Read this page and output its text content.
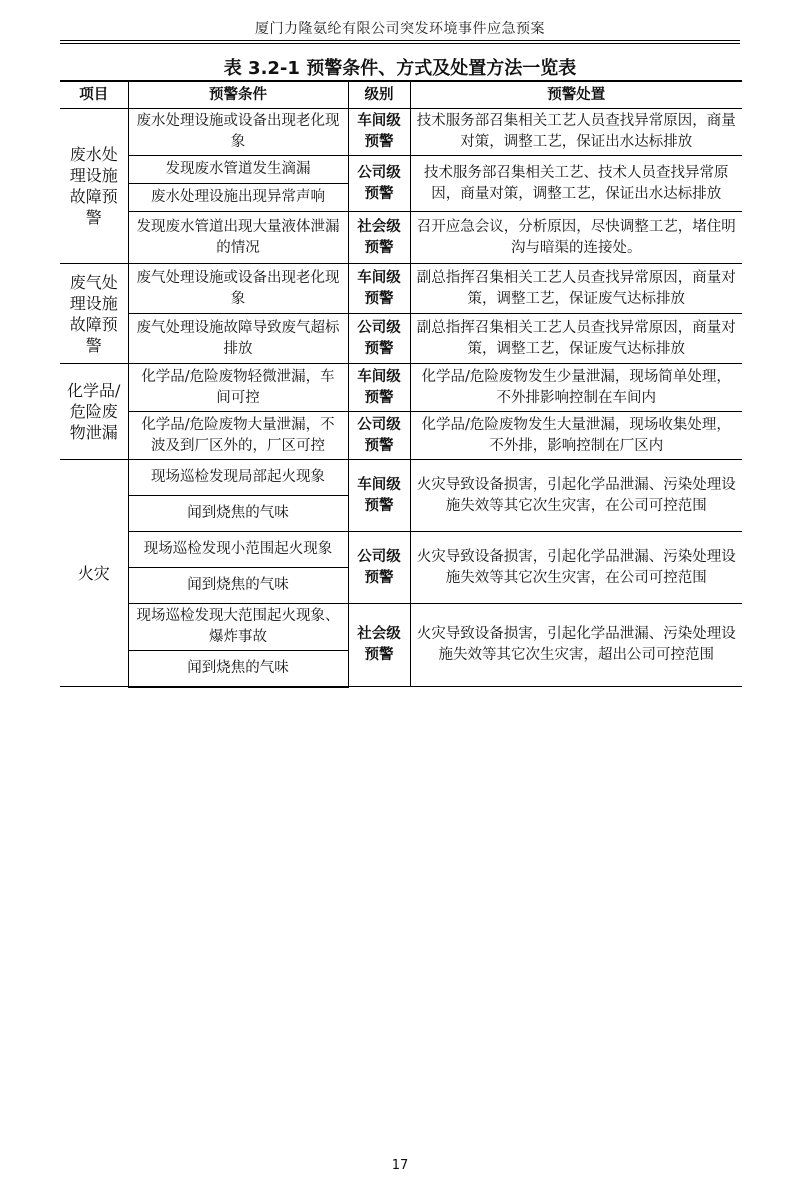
厦门力隆氨纶有限公司突发环境事件应急预案
表 3.2-1 预警条件、方式及处置方法一览表
项目	预警条件	级别	预警处置
废水处理设施 故障预 警	废水处理设施或设备出现老化现象	车间级预警	技术服务部召集相关工艺人员查找异常原因，商量对策，调整工艺，保证出水达标排放
	发现废水管道发生滴漏	公司级预警	技术服务部召集相关工艺、技术人员查找异常原因，商量对策，调整工艺，保证出水达标排放
	废水处理设施出现异常声响		
	发现废水管道出现大量液体泄漏的情况	社会级预警	召开应急会议，分析原因，尽快调整工艺，堵住明沟与暗渠的连接处。
废气处理设施故障预警	废气处理设施或设备出现老化现象	车间级预警	副总指挥召集相关工艺人员查找异常原因，商量对策，调整工艺，保证废气达标排放
	废气处理设施故障导致废气超标排放	公司级预警	副总指挥召集相关工艺人员查找异常原因，商量对策，调整工艺，保证废气达标排放
化学品/危险废物泄漏	化学品/危险废物轻微泄漏，车间可控	车间级预警	化学品/危险废物发生少量泄漏，现场简单处理，不外排影响控制在车间内
	化学品/危险废物大量泄漏，不波及到厂区外的，厂区可控	公司级预警	化学品/危险废物发生大量泄漏，现场收集处理，不外排，影响控制在厂区内
火灾	现场巡检发现局部起火现象	车间级预警	火灾导致设备损害，引起化学品泄漏、污染处理设施失效等其它次生灾害，在公司可控范围
	闻到烧焦的气味		
	现场巡检发现小范围起火现象	公司级预警	火灾导致设备损害，引起化学品泄漏、污染处理设施失效等其它次生灾害，在公司可控范围
	闻到烧焦的气味		
	现场巡检发现大范围起火现象、爆炸事故	社会级预警	火灾导致设备损害，引起化学品泄漏、污染处理设施失效等其它次生灾害，超出公司可控范围
	闻到烧焦的气味		
17
